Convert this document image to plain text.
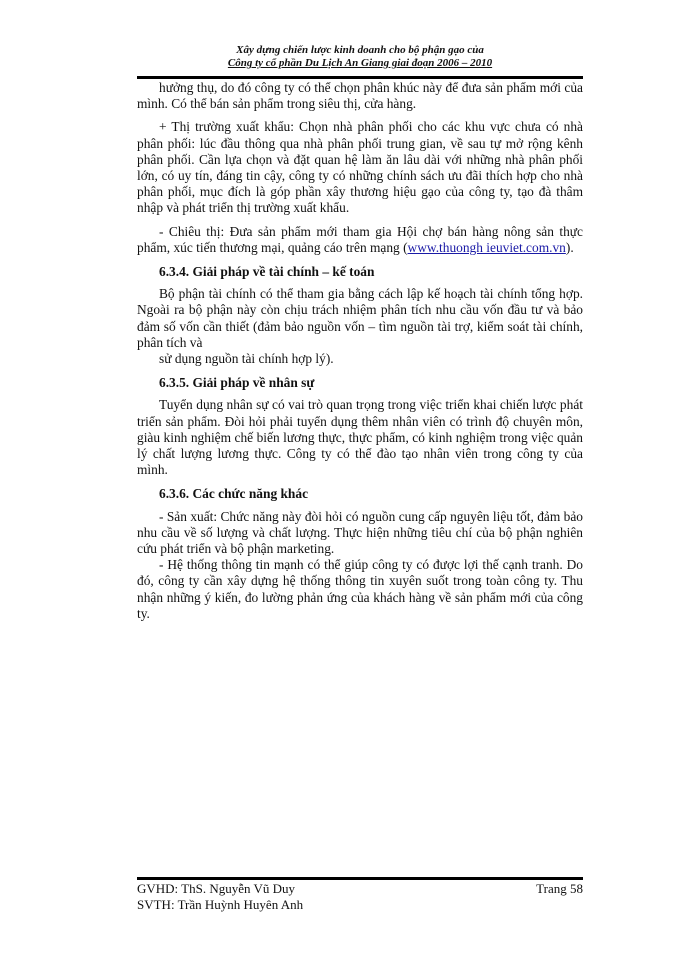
Xây dựng chiến lược kinh doanh cho bộ phận gạo của
Công ty cổ phần Du Lịch An Giang giai đoạn 2006 – 2010

hưởng thụ, do đó công ty có thể chọn phân khúc này để đưa sản phẩm mới của mình. Có thể bán sản phẩm trong siêu thị, cửa hàng.

+ Thị trường xuất khẩu: Chọn nhà phân phối cho các khu vực chưa có nhà phân phối: lúc đầu thông qua nhà phân phối trung gian, về sau tự mở rộng kênh phân phối. Cần lựa chọn và đặt quan hệ làm ăn lâu dài với những nhà phân phối lớn, có uy tín, đáng tin cậy, công ty có những chính sách ưu đãi thích hợp cho nhà phân phối, mục đích là góp phần xây thương hiệu gạo của công ty, tạo đà thâm nhập và phát triển thị trường xuất khẩu.

- Chiêu thị: Đưa sản phẩm mới tham gia Hội chợ bán hàng nông sản thực phẩm, xúc tiến thương mại, quảng cáo trên mạng (www.thuongh ieuviet.com.vn).

6.3.4. Giải pháp về tài chính – kế toán

Bộ phận tài chính có thể tham gia bằng cách lập kế hoạch tài chính tổng hợp. Ngoài ra bộ phận này còn chịu trách nhiệm phân tích nhu cầu vốn đầu tư và bảo đảm số vốn cần thiết (đảm bảo nguồn vốn – tìm nguồn tài trợ, kiểm soát tài chính, phân tích và

sử dụng nguồn tài chính hợp lý).

6.3.5. Giải pháp về nhân sự

Tuyển dụng nhân sự có vai trò quan trọng trong việc triển khai chiến lược phát triển sản phẩm. Đòi hỏi phải tuyển dụng thêm nhân viên có trình độ chuyên môn, giàu kinh nghiệm chế biến lương thực, thực phẩm, có kinh nghiệm trong việc quản lý chất lượng lương thực. Công ty có thể đào tạo nhân viên trong công ty của mình.

6.3.6. Các chức năng khác

- Sản xuất: Chức năng này đòi hỏi có nguồn cung cấp nguyên liệu tốt, đảm bảo nhu cầu về số lượng và chất lượng. Thực hiện những tiêu chí của bộ phận nghiên cứu phát triển và bộ phận marketing.

- Hệ thống thông tin mạnh có thể giúp công ty có được lợi thế cạnh tranh. Do đó, công ty cần xây dựng hệ thống thông tin xuyên suốt trong toàn công ty. Thu nhận những ý kiến, đo lường phản ứng của khách hàng về sản phẩm mới của công ty.

GVHD: ThS. Nguyễn Vũ Duy	Trang 58
SVTH: Trần Huỳnh Huyên Anh
